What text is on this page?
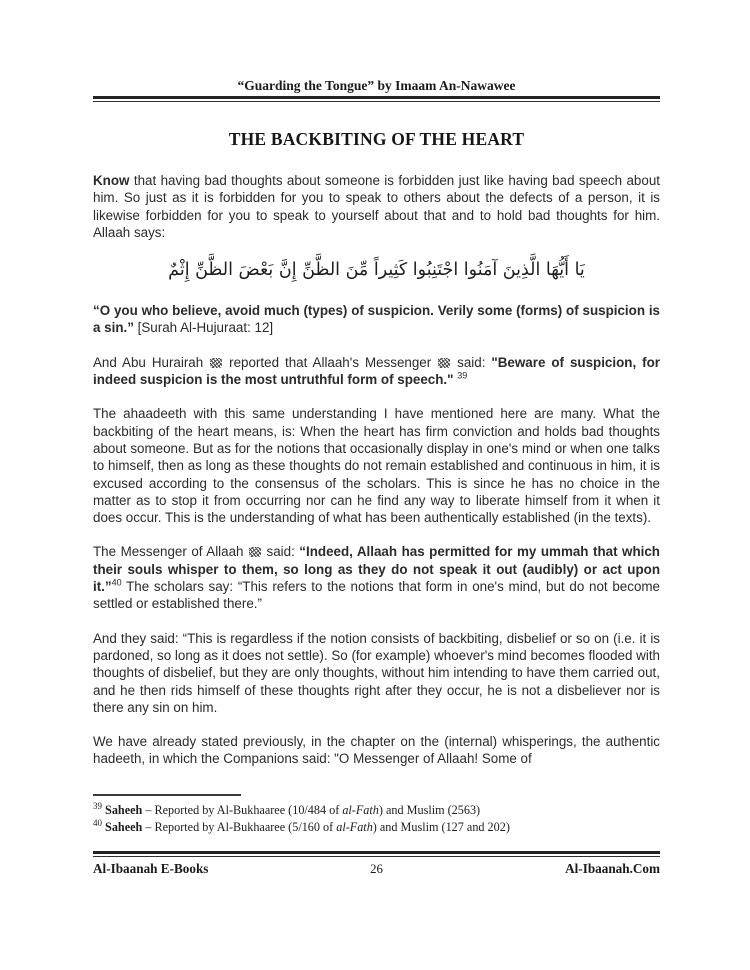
“Guarding the Tongue” by Imaam An-Nawawee
THE BACKBITING OF THE HEART

Know that having bad thoughts about someone is forbidden just like having bad speech about him. So just as it is forbidden for you to speak to others about the defects of a person, it is likewise forbidden for you to speak to yourself about that and to hold bad thoughts for him. Allaah says:

يَا أَيُّهَا الَّذِينَ آمَنُوا اجْتَنِبُوا كَثِيراً مِّنَ الظَّنِّ إِنَّ بَعْضَ الظَّنِّ إِثْمٌ

“O you who believe, avoid much (types) of suspicion. Verily some (forms) of suspicion is a sin.” [Surah Al-Hujuraat: 12]

And Abu Hurairah  reported that Allaah's Messenger  said: "Beware of suspicion, for indeed suspicion is the most untruthful form of speech." $^{39}$

The ahaadeeth with this same understanding I have mentioned here are many. What the backbiting of the heart means, is: When the heart has firm conviction and holds bad thoughts about someone. But as for the notions that occasionally display in one's mind or when one talks to himself, then as long as these thoughts do not remain established and continuous in him, it is excused according to the consensus of the scholars. This is since he has no choice in the matter as to stop it from occurring nor can he find any way to liberate himself from it when it does occur. This is the understanding of what has been authentically established (in the texts).

The Messenger of Allaah  said: “Indeed, Allaah has permitted for my ummah that which their souls whisper to them, so long as they do not speak it out (audibly) or act upon it.”$^{40}$ The scholars say: “This refers to the notions that form in one's mind, but do not become settled or established there.”

And they said: “This is regardless if the notion consists of backbiting, disbelief or so on (i.e. it is pardoned, so long as it does not settle). So (for example) whoever's mind becomes flooded with thoughts of disbelief, but they are only thoughts, without him intending to have them carried out, and he then rids himself of these thoughts right after they occur, he is not a disbeliever nor is there any sin on him.

We have already stated previously, in the chapter on the (internal) whisperings, the authentic hadeeth, in which the Companions said: "O Messenger of Allaah! Some of

$^{39}$ Saheeh – Reported by Al-Bukhaaree (10/484 of al-Fath) and Muslim (2563)

$^{40}$ Saheeh – Reported by Al-Bukhaaree (5/160 of al-Fath) and Muslim (127 and 202)

Al-Ibaanah E-Books	26	Al-Ibaanah.Com
